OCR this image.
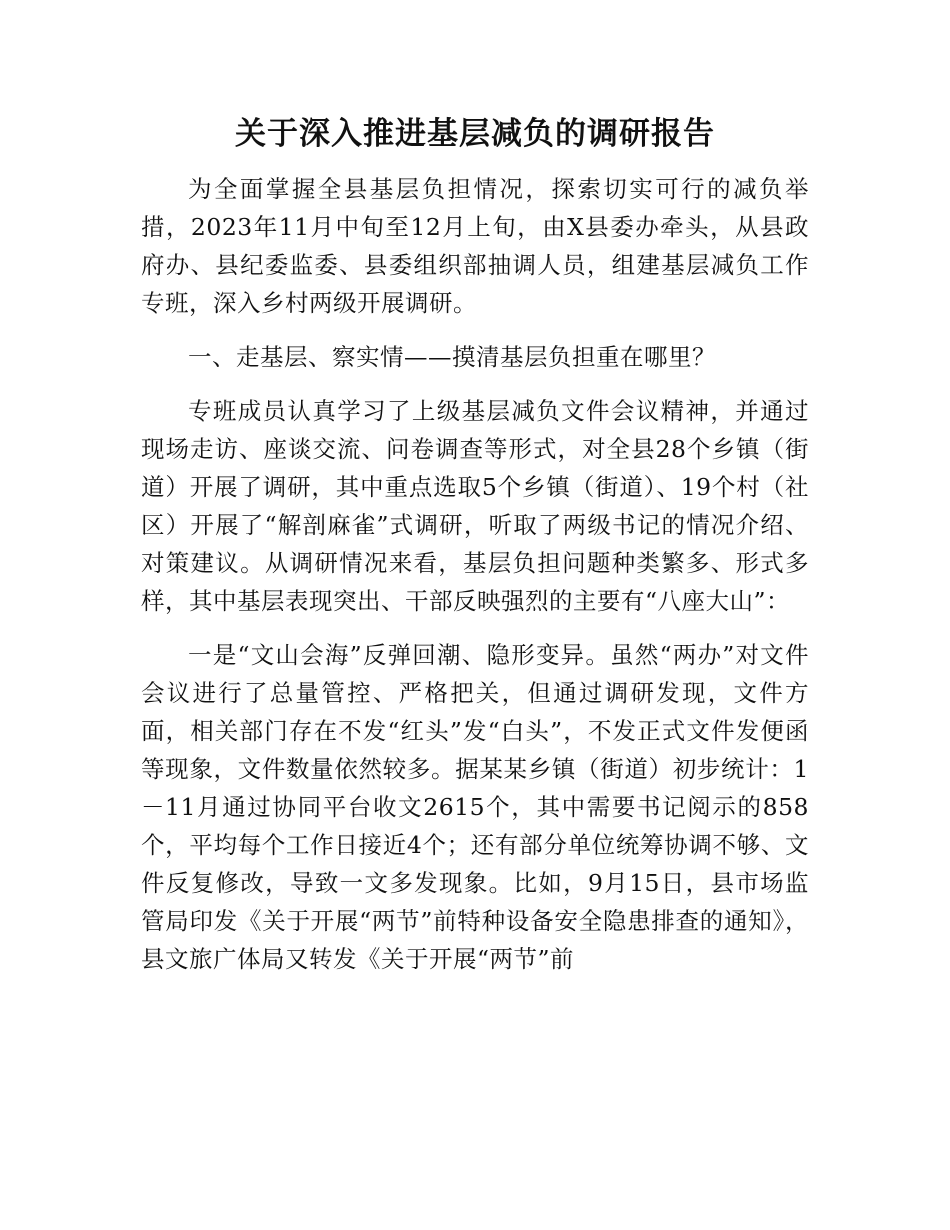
关于深入推进基层减负的调研报告

为全面掌握全县基层负担情况，探索切实可行的减负举措，2023年11月中旬至12月上旬，由X县委办牵头，从县政府办、县纪委监委、县委组织部抽调人员，组建基层减负工作专班，深入乡村两级开展调研。

一、走基层、察实情——摸清基层负担重在哪里？

专班成员认真学习了上级基层减负文件会议精神，并通过现场走访、座谈交流、问卷调查等形式，对全县28个乡镇（街道）开展了调研，其中重点选取5个乡镇（街道）、19个村（社区）开展了“解剖麻雀”式调研，听取了两级书记的情况介绍、对策建议。从调研情况来看，基层负担问题种类繁多、形式多样，其中基层表现突出、干部反映强烈的主要有“八座大山”：

一是“文山会海”反弹回潮、隐形变异。虽然“两办”对文件会议进行了总量管控、严格把关，但通过调研发现，文件方面，相关部门存在不发“红头”发“白头”，不发正式文件发便函等现象，文件数量依然较多。据某某乡镇（街道）初步统计：1－11月通过协同平台收文2615个，其中需要书记阅示的858个，平均每个工作日接近4个；还有部分单位统筹协调不够、文件反复修改，导致一文多发现象。比如，9月15日，县市场监管局印发《关于开展“两节”前特种设备安全隐患排查的通知》，县文旅广体局又转发《关于开展“两节”前
